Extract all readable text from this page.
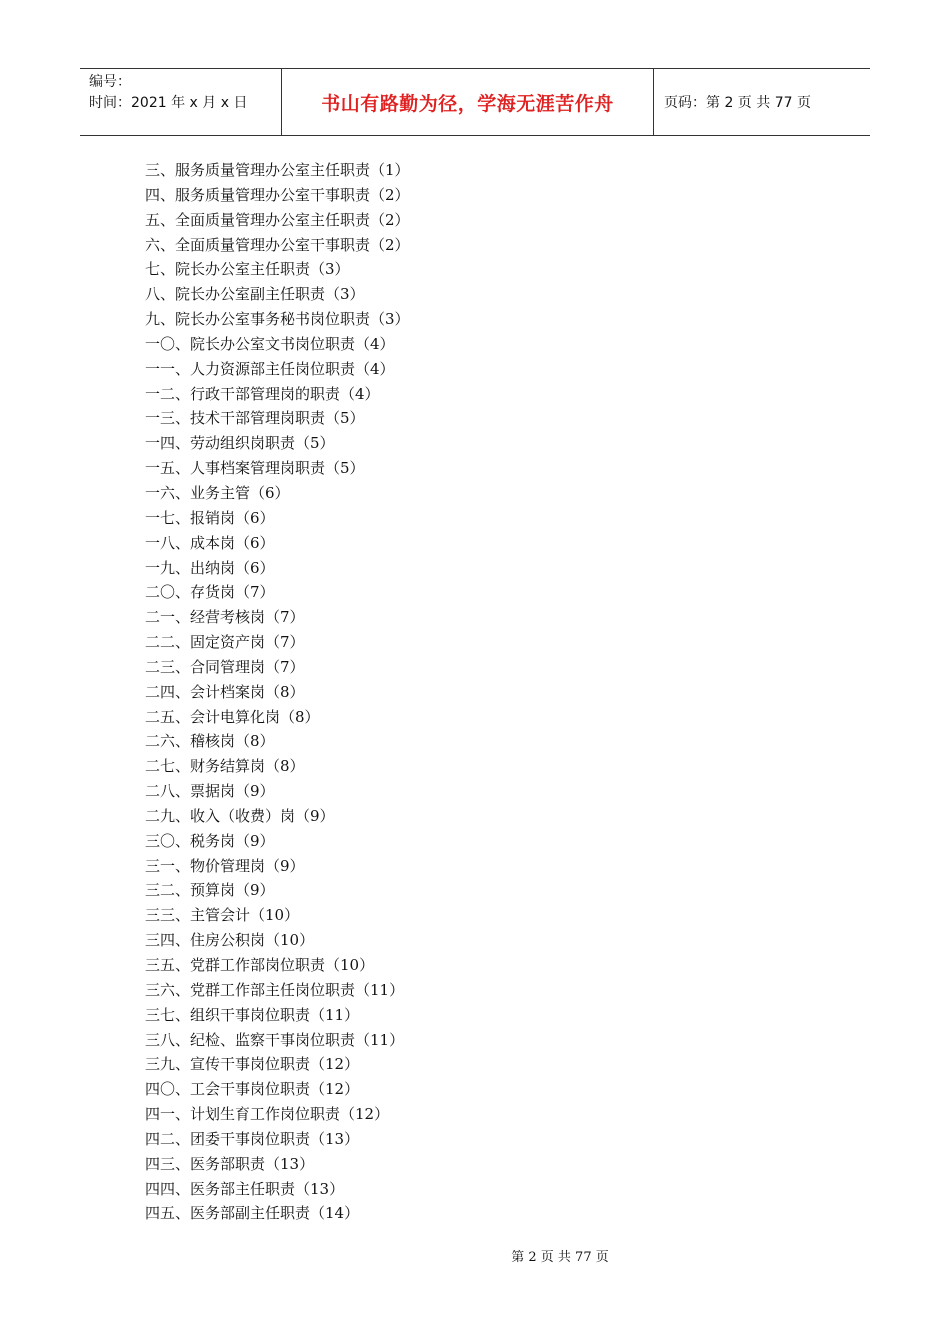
编号：
时间：2021 年 x 月 x 日	书山有路勤为径，学海无涯苦作舟	页码：第 2 页 共 77 页
三、服务质量管理办公室主任职责（1）
四、服务质量管理办公室干事职责（2）
五、全面质量管理办公室主任职责（2）
六、全面质量管理办公室干事职责（2）
七、院长办公室主任职责（3）
八、院长办公室副主任职责（3）
九、院长办公室事务秘书岗位职责（3）
一〇、院长办公室文书岗位职责（4）
一一、人力资源部主任岗位职责（4）
一二、行政干部管理岗的职责（4）
一三、技术干部管理岗职责（5）
一四、劳动组织岗职责（5）
一五、人事档案管理岗职责（5）
一六、业务主管（6）
一七、报销岗（6）
一八、成本岗（6）
一九、出纳岗（6）
二〇、存货岗（7）
二一、经营考核岗（7）
二二、固定资产岗（7）
二三、合同管理岗（7）
二四、会计档案岗（8）
二五、会计电算化岗（8）
二六、稽核岗（8）
二七、财务结算岗（8）
二八、票据岗（9）
二九、收入（收费）岗（9）
三〇、税务岗（9）
三一、物价管理岗（9）
三二、预算岗（9）
三三、主管会计（10）
三四、住房公积岗（10）
三五、党群工作部岗位职责（10）
三六、党群工作部主任岗位职责（11）
三七、组织干事岗位职责（11）
三八、纪检、监察干事岗位职责（11）
三九、宣传干事岗位职责（12）
四〇、工会干事岗位职责（12）
四一、计划生育工作岗位职责（12）
四二、团委干事岗位职责（13）
四三、医务部职责（13）
四四、医务部主任职责（13）
四五、医务部副主任职责（14）
第 2 页 共 77 页
